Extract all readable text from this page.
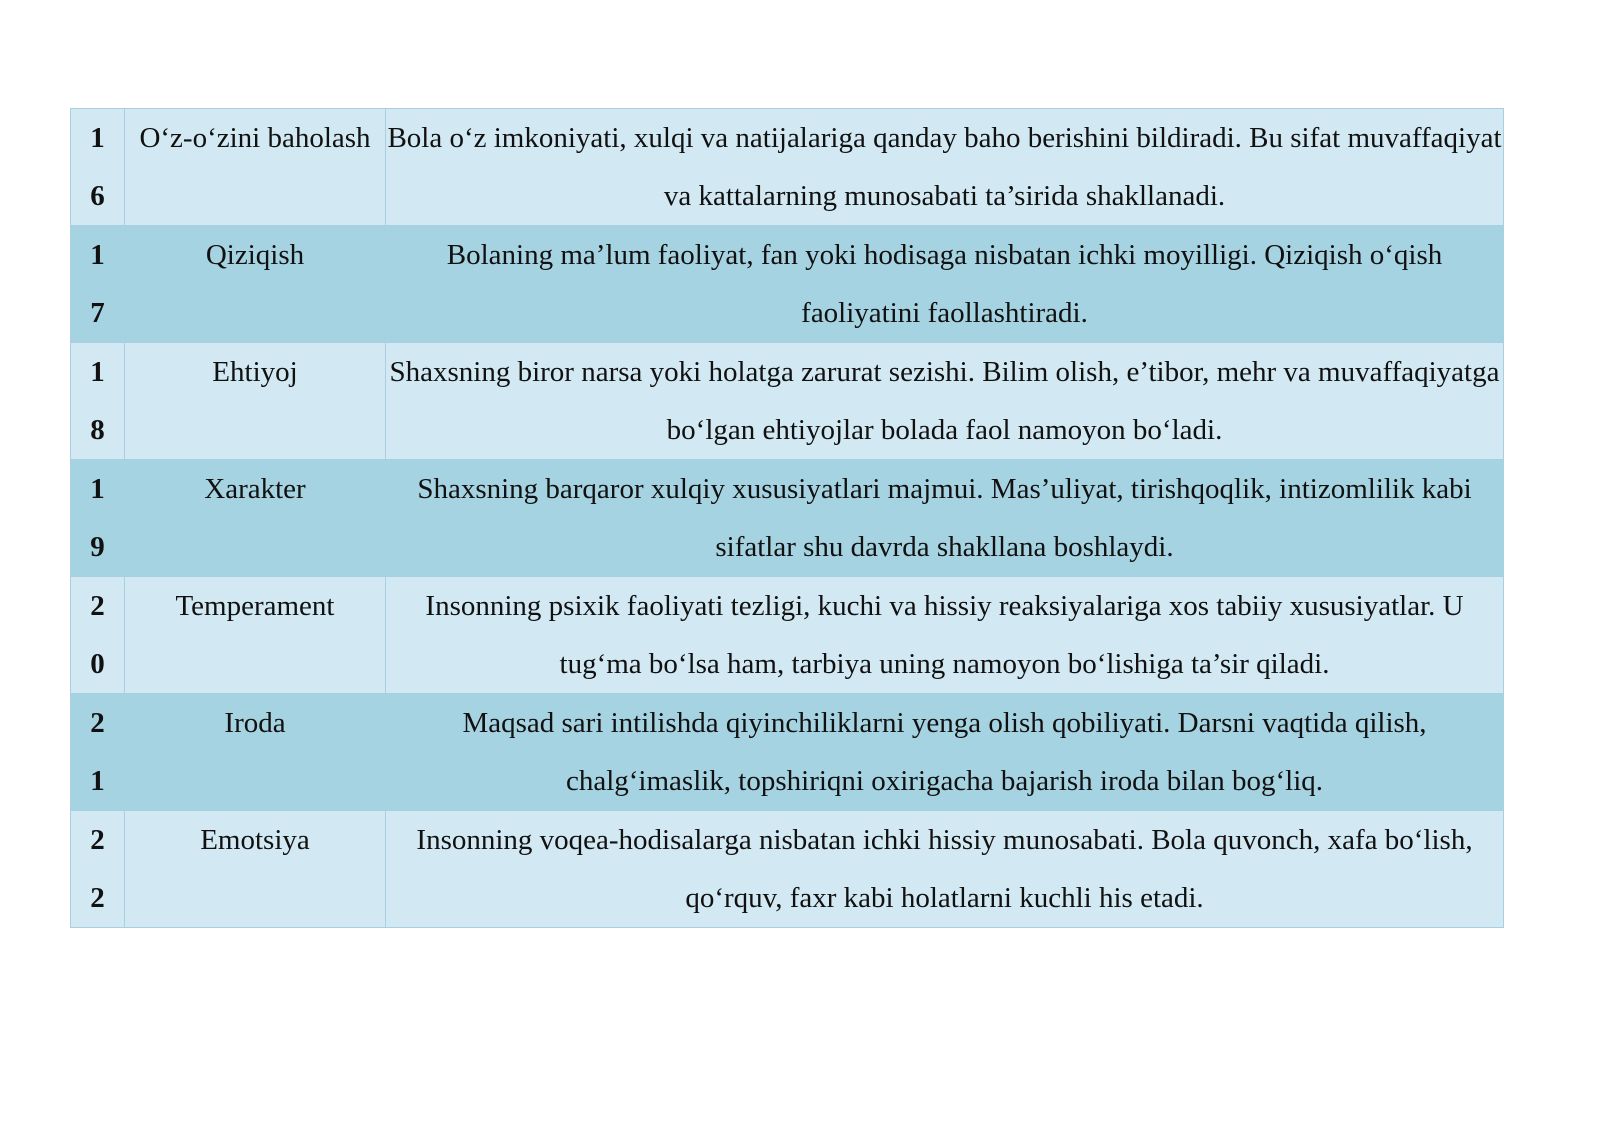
1
6	O‘z-o‘zini baholash	Bola o‘z imkoniyati, xulqi va natijalariga qanday baho berishini bildiradi. Bu sifat muvaffaqiyat va kattalarning munosabati ta’sirida shakllanadi.
1
7	Qiziqish	Bolaning ma’lum faoliyat, fan yoki hodisaga nisbatan ichki moyilligi. Qiziqish o‘qish faoliyatini faollashtiradi.
1
8	Ehtiyoj	Shaxsning biror narsa yoki holatga zarurat sezishi. Bilim olish, e’tibor, mehr va muvaffaqiyatga bo‘lgan ehtiyojlar bolada faol namoyon bo‘ladi.
1
9	Xarakter	Shaxsning barqaror xulqiy xususiyatlari majmui. Mas’uliyat, tirishqoqlik, intizomlilik kabi sifatlar shu davrda shakllana boshlaydi.
2
0	Temperament	Insonning psixik faoliyati tezligi, kuchi va hissiy reaksiyalariga xos tabiiy xususiyatlar. U tug‘ma bo‘lsa ham, tarbiya uning namoyon bo‘lishiga ta’sir qiladi.
2
1	Iroda	Maqsad sari intilishda qiyinchiliklarni yenga olish qobiliyati. Darsni vaqtida qilish, chalg‘imaslik, topshiriqni oxirigacha bajarish iroda bilan bog‘liq.
2
2	Emotsiya	Insonning voqea-hodisalarga nisbatan ichki hissiy munosabati. Bola quvonch, xafa bo‘lish, qo‘rquv, faxr kabi holatlarni kuchli his etadi.
